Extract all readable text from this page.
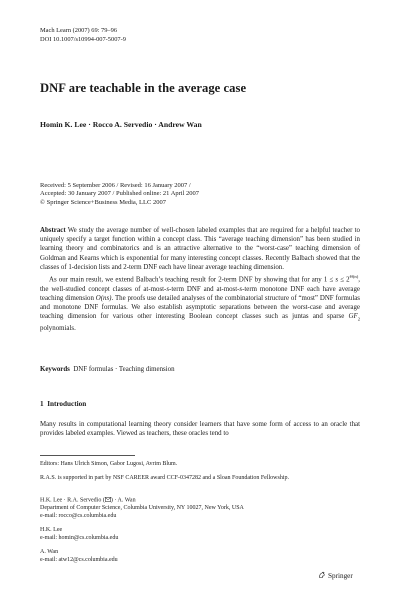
Mach Learn (2007) 69: 79–96
DOI 10.1007/s10994-007-5007-9
DNF are teachable in the average case
Homin K. Lee · Rocco A. Servedio · Andrew Wan
Received: 5 September 2006 / Revised: 16 January 2007 /
Accepted: 30 January 2007 / Published online: 21 April 2007
© Springer Science+Business Media, LLC 2007

Abstract We study the average number of well-chosen labeled examples that are required for a helpful teacher to uniquely specify a target function within a concept class. This “average teaching dimension” has been studied in learning theory and combinatorics and is an attractive alternative to the “worst-case” teaching dimension of Goldman and Kearns which is exponential for many interesting concept classes. Recently Balbach showed that the classes of 1-decision lists and 2-term DNF each have linear average teaching dimension.

As our main result, we extend Balbach’s teaching result for 2-term DNF by showing that for any $1 \le s \le 2^{\Theta(n)}$, the well-studied concept classes of at-most-s-term DNF and at-most-s-term monotone DNF each have average teaching dimension O(ns). The proofs use detailed analyses of the combinatorial structure of “most” DNF formulas and monotone DNF formulas. We also establish asymptotic separations between the worst-case and average teaching dimension for various other interesting Boolean concept classes such as juntas and sparse $GF_2$ polynomials.

Keywords DNF formulas · Teaching dimension
1 Introduction

Many results in computational learning theory consider learners that have some form of access to an oracle that provides labeled examples. Viewed as teachers, these oracles tend to

Editors: Hans Ulrich Simon, Gabor Lugosi, Avrim Blum.

R.A.S. is supported in part by NSF CAREER award CCF-0347282 and a Sloan Foundation Fellowship.

H.K. Lee · R.A. Servedio ( ) · A. Wan

Department of Computer Science, Columbia University, NY 10027, New York, USA

e-mail: rocco@cs.columbia.edu

H.K. Lee

e-mail: homin@cs.columbia.edu

A. Wan

e-mail: atw12@cs.columbia.edu

Springer
